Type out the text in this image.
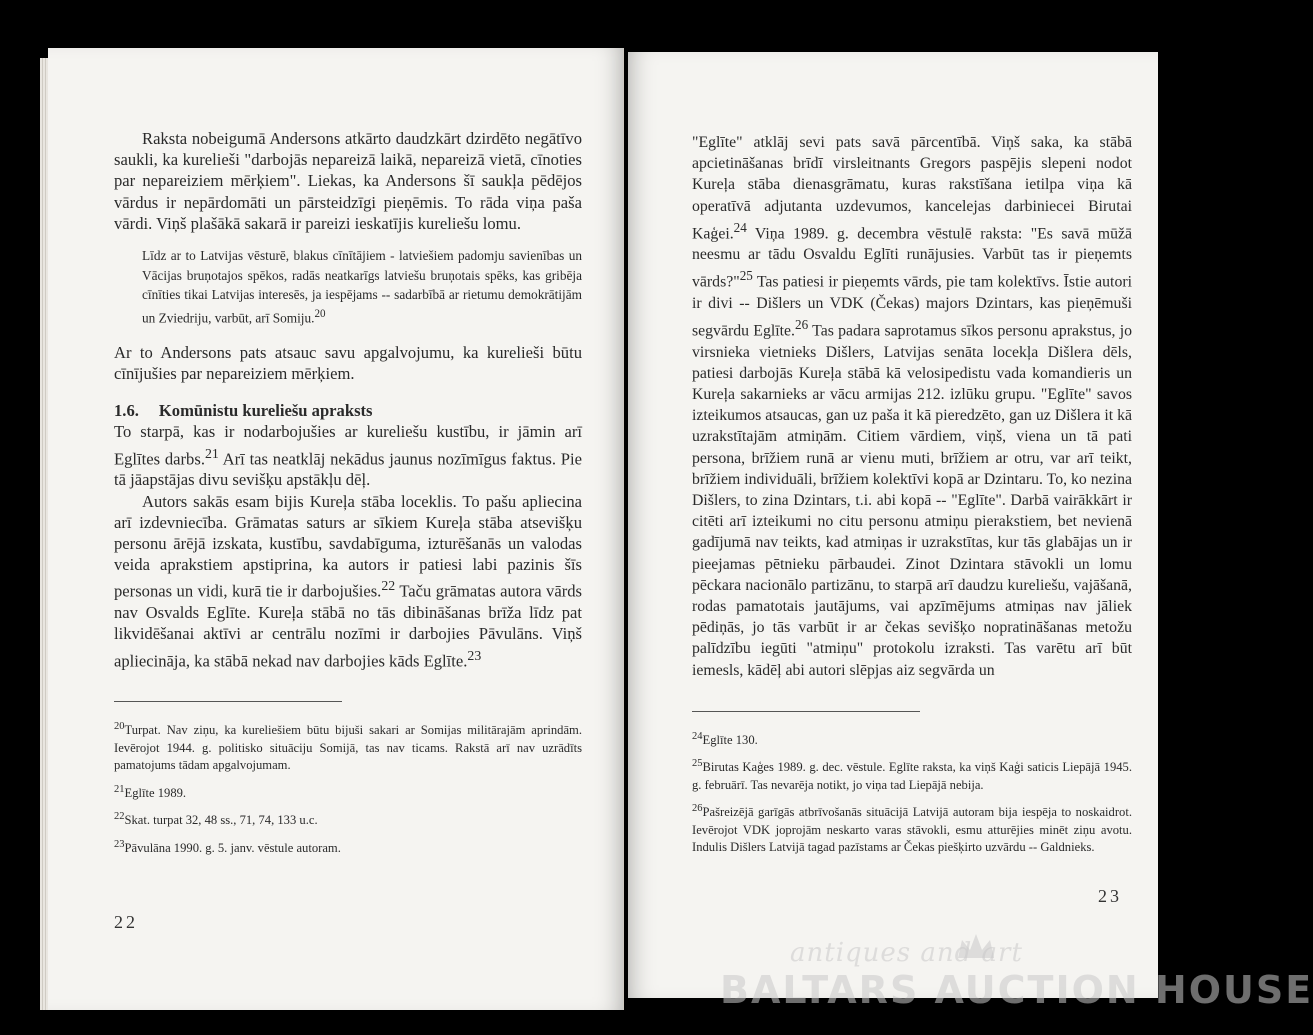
Raksta nobeigumā Andersons atkārto daudzkārt dzirdēto negātīvo saukli, ka kurelieši "darbojās nepareizā laikā, nepareizā vietā, cīnoties par nepareiziem mērķiem". Liekas, ka Andersons šī saukļa pēdējos vārdus ir nepārdomāti un pārsteidzīgi pieņēmis. To rāda viņa paša vārdi. Viņš plašākā sakarā ir pareizi ieskatījis kureliešu lomu.

Līdz ar to Latvijas vēsturē, blakus cīnītājiem - latviešiem padomju savienības un Vācijas bruņotajos spēkos, radās neatkarīgs latviešu bruņotais spēks, kas gribēja cīnīties tikai Latvijas interesēs, ja iespējams -- sadarbībā ar rietumu demokrātijām un Zviedriju, varbūt, arī Somiju.$^{20}$

Ar to Andersons pats atsauc savu apgalvojumu, ka kurelieši būtu cīnījušies par nepareiziem mērķiem.

1.6. Komūnistu kureliešu apraksts

To starpā, kas ir nodarbojušies ar kureliešu kustību, ir jāmin arī Eglītes darbs.$^{21}$ Arī tas neatklāj nekādus jaunus nozīmīgus faktus. Pie tā jāapstājas divu sevišķu apstākļu dēļ.

Autors sakās esam bijis Kureļa stāba loceklis. To pašu apliecina arī izdevniecība. Grāmatas saturs ar sīkiem Kureļa stāba atsevišķu personu ārējā izskata, kustību, savdabīguma, izturēšanās un valodas veida aprakstiem apstiprina, ka autors ir patiesi labi pazinis šīs personas un vidi, kurā tie ir darbojušies.$^{22}$ Taču grāmatas autora vārds nav Osvalds Eglīte. Kureļa stābā no tās dibināšanas brīža līdz pat likvidēšanai aktīvi ar centrālu nozīmi ir darbojies Pāvulāns. Viņš apliecināja, ka stābā nekad nav darbojies kāds Eglīte.$^{23}$

$^{20}$Turpat. Nav ziņu, ka kureliešiem būtu bijuši sakari ar Somijas militārajām aprindām. Ievērojot 1944. g. politisko situāciju Somijā, tas nav ticams. Rakstā arī nav uzrādīts pamatojums tādam apgalvojumam.
$^{21}$Eglīte 1989.
$^{22}$Skat. turpat 32, 48 ss., 71, 74, 133 u.c.
$^{23}$Pāvulāna 1990. g. 5. janv. vēstule autoram.
22

"Eglīte" atklāj sevi pats savā pārcentībā. Viņš saka, ka stābā apcietināšanas brīdī virsleitnants Gregors paspējis slepeni nodot Kureļa stāba dienasgrāmatu, kuras rakstīšana ietilpa viņa kā operatīvā adjutanta uzdevumos, kancelejas darbiniecei Birutai Kaģei.$^{24}$ Viņa 1989. g. decembra vēstulē raksta: "Es savā mūžā neesmu ar tādu Osvaldu Eglīti runājusies. Varbūt tas ir pieņemts vārds?"$^{25}$ Tas patiesi ir pieņemts vārds, pie tam kolektīvs. Īstie autori ir divi -- Dišlers un VDK (Čekas) majors Dzintars, kas pieņēmuši segvārdu Eglīte.$^{26}$ Tas padara saprotamus sīkos personu aprakstus, jo virsnieka vietnieks Dišlers, Latvijas senāta locekļa Dišlera dēls, patiesi darbojās Kureļa stābā kā velosipedistu vada komandieris un Kureļa sakarnieks ar vācu armijas 212. izlūku grupu. "Eglīte" savos izteikumos atsaucas, gan uz paša it kā pieredzēto, gan uz Dišlera it kā uzrakstītajām atmiņām. Citiem vārdiem, viņš, viena un tā pati persona, brīžiem runā ar vienu muti, brīžiem ar otru, var arī teikt, brīžiem individuāli, brīžiem kolektīvi kopā ar Dzintaru. To, ko nezina Dišlers, to zina Dzintars, t.i. abi kopā -- "Eglīte". Darbā vairākkārt ir citēti arī izteikumi no citu personu atmiņu pierakstiem, bet nevienā gadījumā nav teikts, kad atmiņas ir uzrakstītas, kur tās glabājas un ir pieejamas pētnieku pārbaudei. Zinot Dzintara stāvokli un lomu pēckara nacionālo partizānu, to starpā arī daudzu kureliešu, vajāšanā, rodas pamatotais jautājums, vai apzīmējums atmiņas nav jāliek pēdiņās, jo tās varbūt ir ar čekas sevišķo nopratināšanas metožu palīdzību iegūti "atmiņu" protokolu izraksti. Tas varētu arī būt iemesls, kādēļ abi autori slēpjas aiz segvārda un

$^{24}$Eglīte 130.
$^{25}$Birutas Kaģes 1989. g. dec. vēstule. Eglīte raksta, ka viņš Kaģi saticis Liepājā 1945. g. februārī. Tas nevarēja notikt, jo viņa tad Liepājā nebija.
$^{26}$Pašreizējā garīgās atbrīvošanās situācijā Latvijā autoram bija iespēja to noskaidrot. Ievērojot VDK joprojām neskarto varas stāvokli, esmu atturējies minēt ziņu avotu. Indulis Dišlers Latvijā tagad pazīstams ar Čekas piešķirto uzvārdu -- Galdnieks.
23
antiques and art
BALTARS AUCTION HOUSE
